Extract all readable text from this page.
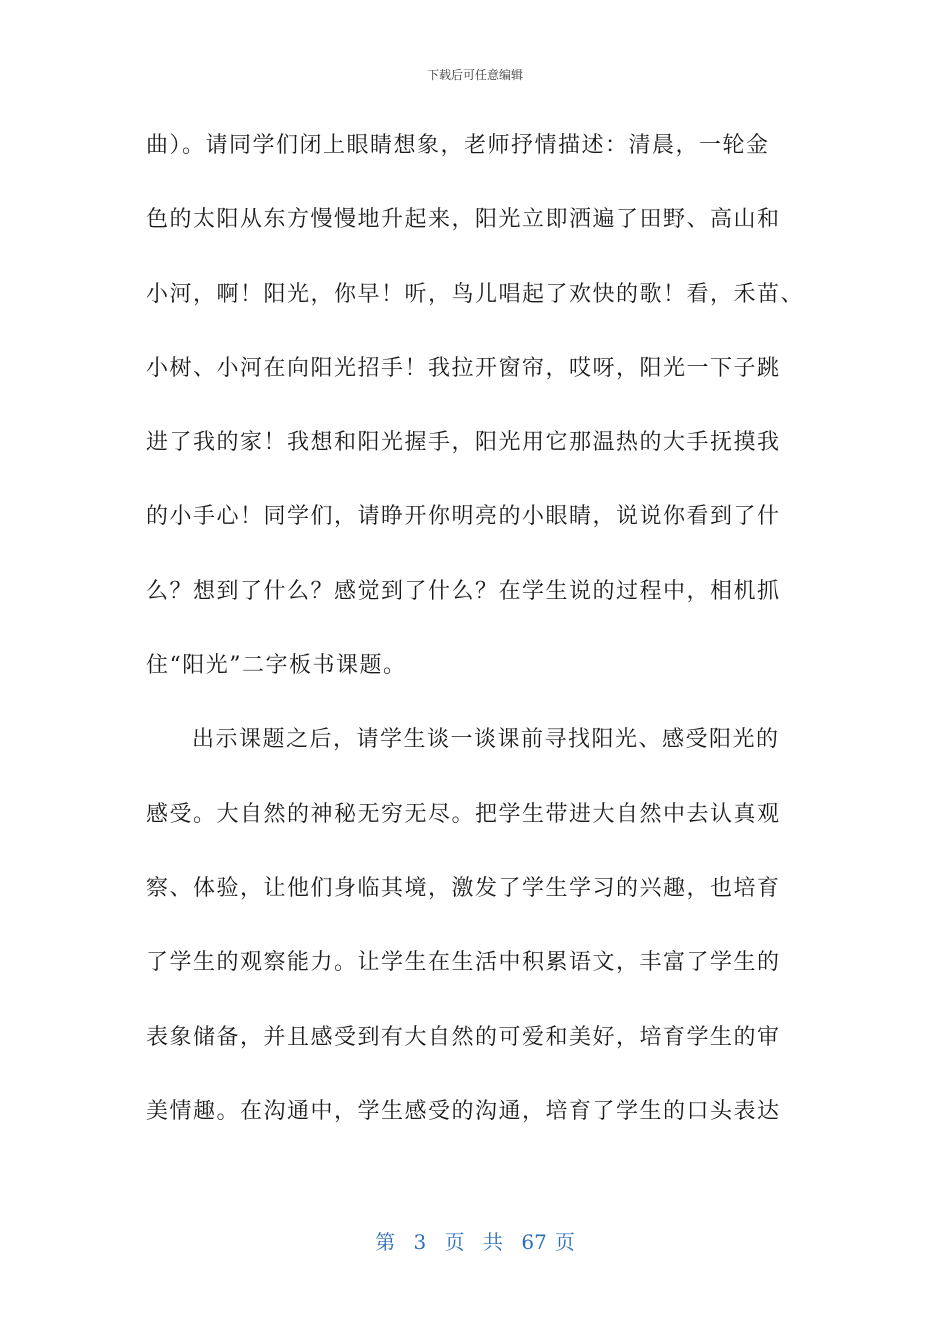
下载后可任意编辑
曲）。请同学们闭上眼睛想象，老师抒情描述：清晨，一轮金
色的太阳从东方慢慢地升起来，阳光立即洒遍了田野、高山和
小河，啊！阳光，你早！听，鸟儿唱起了欢快的歌！看，禾苗、
小树、小河在向阳光招手！我拉开窗帘，哎呀，阳光一下子跳
进了我的家！我想和阳光握手，阳光用它那温热的大手抚摸我
的小手心！同学们，请睁开你明亮的小眼睛，说说你看到了什
么？想到了什么？感觉到了什么？在学生说的过程中，相机抓
住“阳光”二字板书课题。
出示课题之后，请学生谈一谈课前寻找阳光、感受阳光的
感受。大自然的神秘无穷无尽。把学生带进大自然中去认真观
察、体验，让他们身临其境，激发了学生学习的兴趣，也培育
了学生的观察能力。让学生在生活中积累语文，丰富了学生的
表象储备，并且感受到有大自然的可爱和美好，培育学生的审
美情趣。在沟通中，学生感受的沟通，培育了学生的口头表达
第 3 页 共 67 页
